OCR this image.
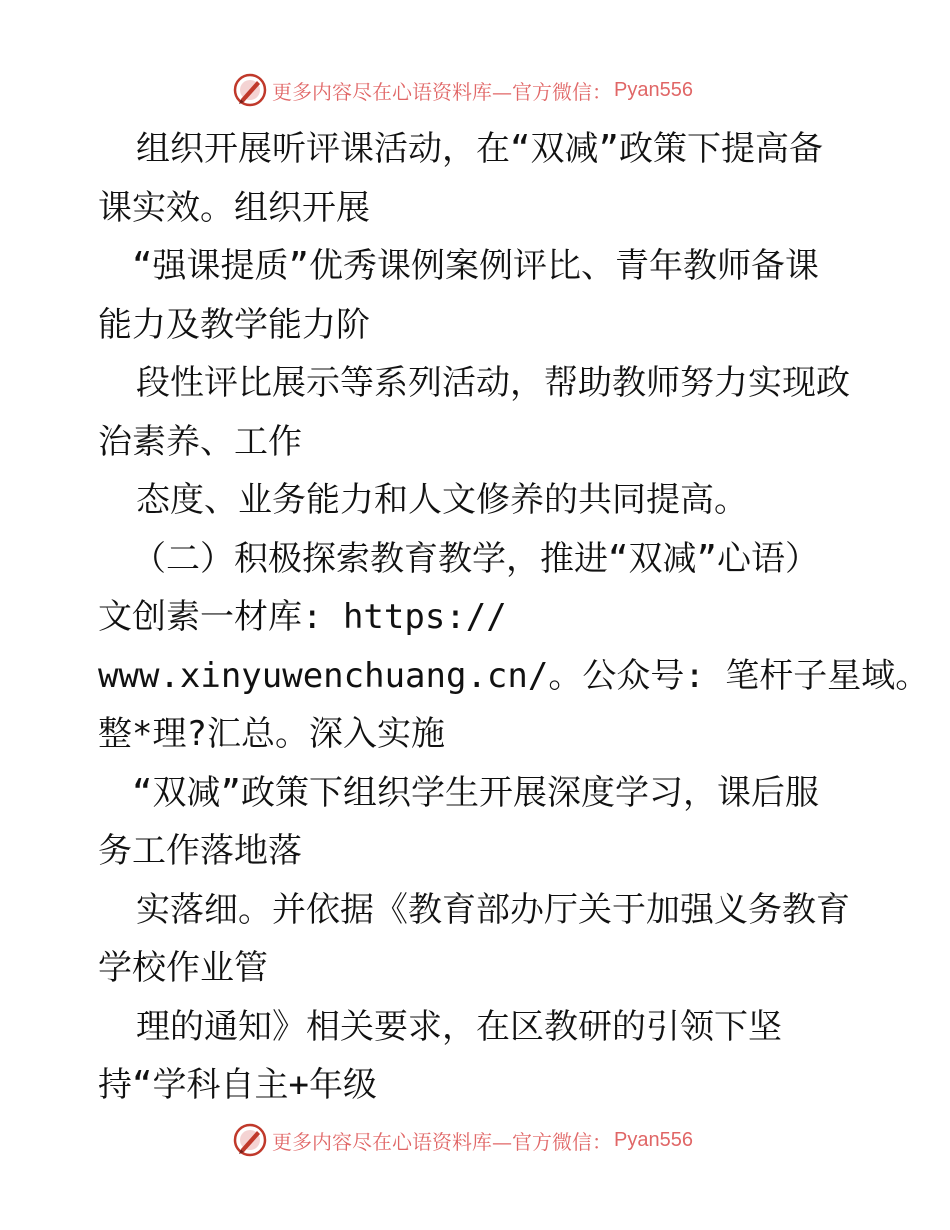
更多内容尽在心语资料库—官方微信： Pyan556
组织开展听评课活动，在“双减”政策下提高备
课实效。组织开展
“强课提质”优秀课例案例评比、青年教师备课
能力及教学能力阶
段性评比展示等系列活动，帮助教师努力实现政
治素养、工作
态度、业务能力和人文修养的共同提高。
（二）积极探索教育教学，推进“双减”心语）
文创素一材库: https://
www.xinyuwenchuang.cn/。公众号: 笔杆子星域。
整*理?汇总。深入实施
“双减”政策下组织学生开展深度学习，课后服
务工作落地落
实落细。并依据《教育部办厅关于加强义务教育
学校作业管
理的通知》相关要求，在区教研的引领下坚
持“学科自主+年级
更多内容尽在心语资料库—官方微信： Pyan556
